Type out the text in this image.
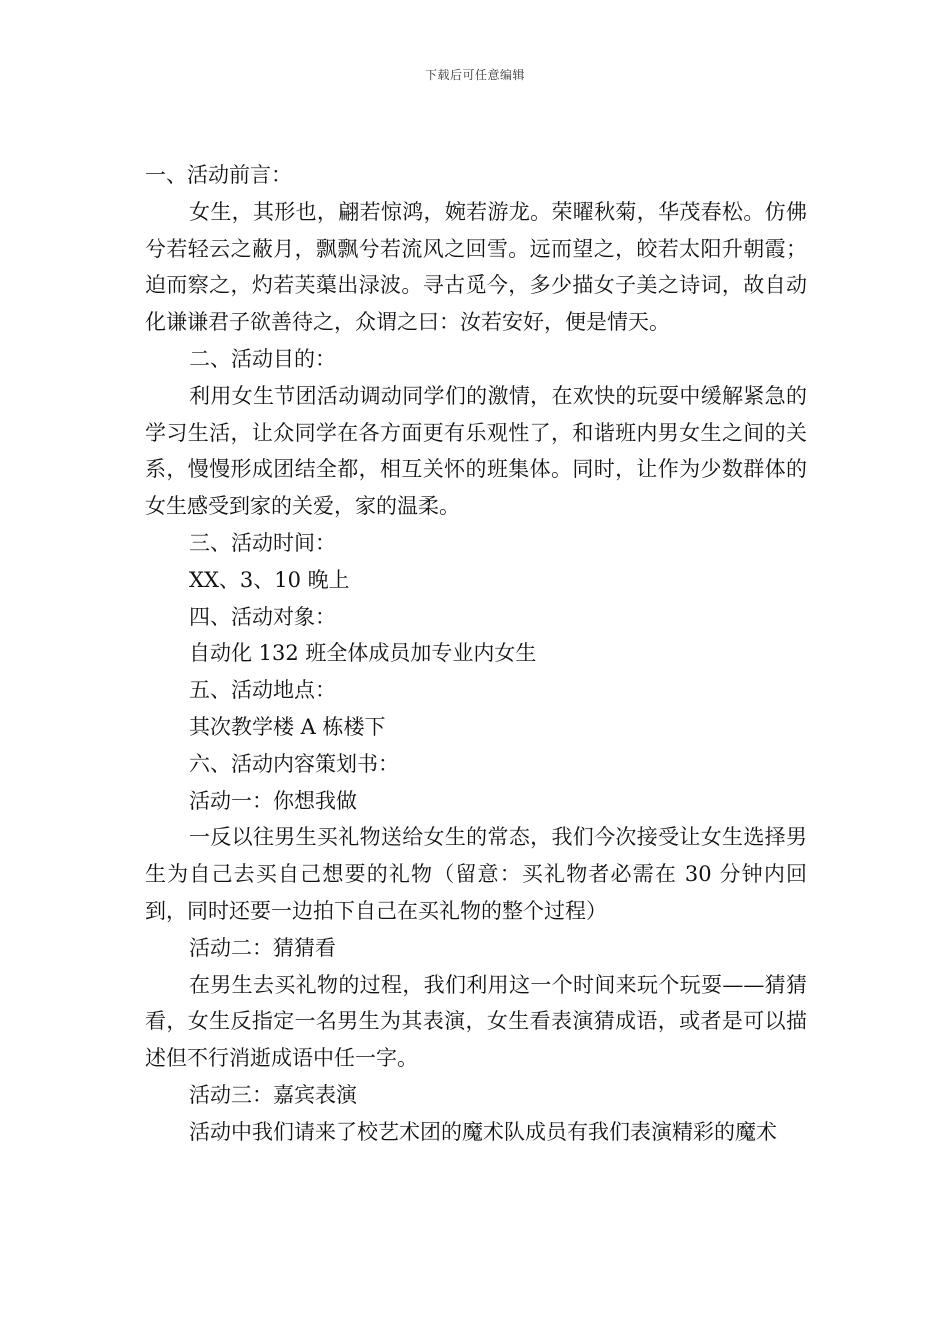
下载后可任意编辑

一、活动前言：

女生，其形也，翩若惊鸿，婉若游龙。荣曜秋菊，华茂春松。仿佛兮若轻云之蔽月，飘飘兮若流风之回雪。远而望之，皎若太阳升朝霞；迫而察之，灼若芙蕖出渌波。寻古觅今，多少描女子美之诗词，故自动化谦谦君子欲善待之，众谓之曰：汝若安好，便是情天。

二、活动目的：

利用女生节团活动调动同学们的激情，在欢快的玩耍中缓解紧急的学习生活，让众同学在各方面更有乐观性了，和谐班内男女生之间的关系，慢慢形成团结全都，相互关怀的班集体。同时，让作为少数群体的女生感受到家的关爱，家的温柔。

三、活动时间：

XX、3、10 晚上

四、活动对象：

自动化 132 班全体成员加专业内女生

五、活动地点：

其次教学楼 A 栋楼下

六、活动内容策划书：

活动一：你想我做

一反以往男生买礼物送给女生的常态，我们今次接受让女生选择男生为自己去买自己想要的礼物（留意：买礼物者必需在 30 分钟内回到，同时还要一边拍下自己在买礼物的整个过程）

活动二：猜猜看

在男生去买礼物的过程，我们利用这一个时间来玩个玩耍——猜猜看，女生反指定一名男生为其表演，女生看表演猜成语，或者是可以描述但不行消逝成语中任一字。

活动三：嘉宾表演

活动中我们请来了校艺术团的魔术队成员有我们表演精彩的魔术
